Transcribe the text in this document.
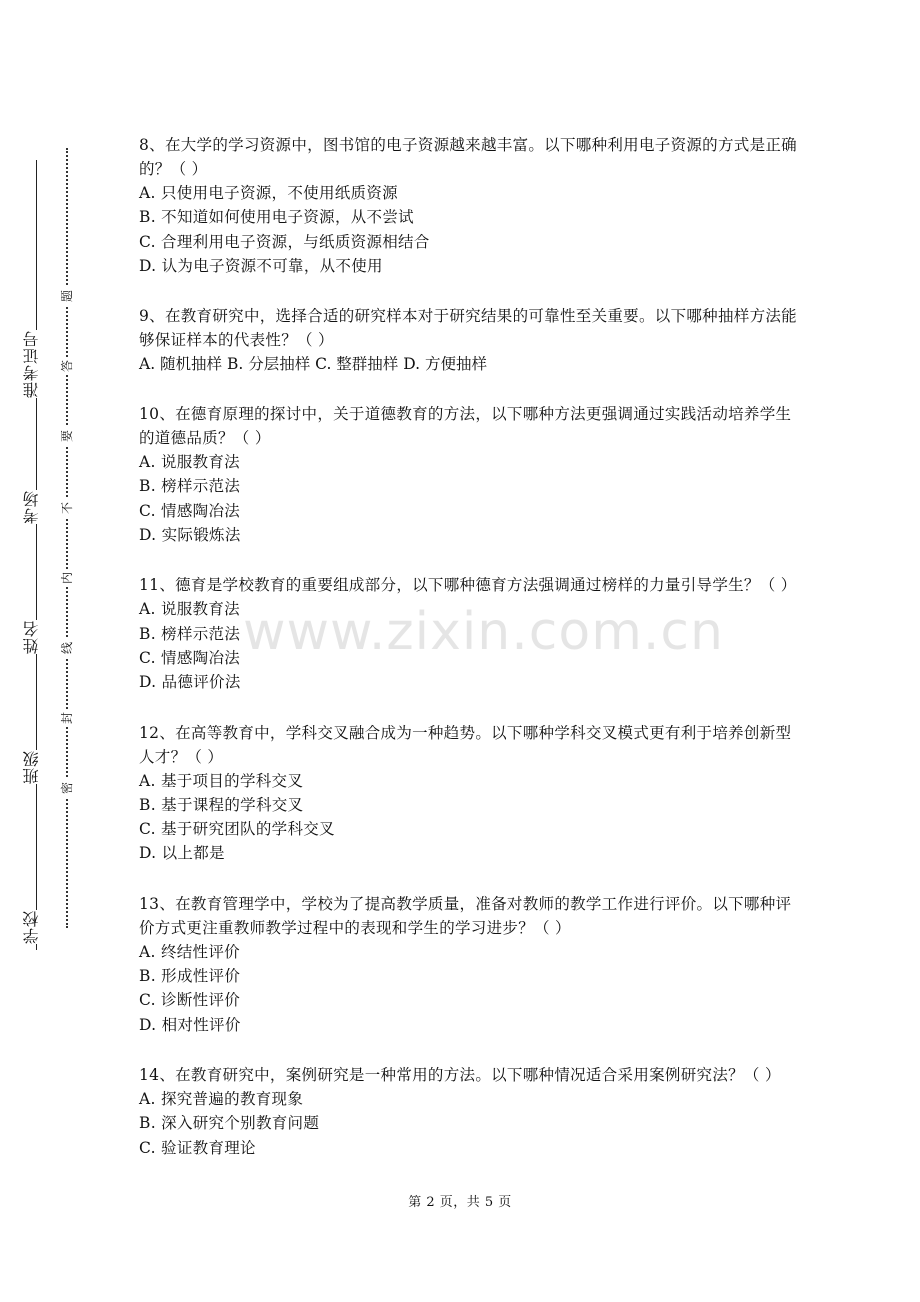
准考证号
考场
姓名
班级
学校
题
答
要
不
内
线
封
密
www.zixin.com.cn

8、在大学的学习资源中，图书馆的电子资源越来越丰富。以下哪种利用电子资源的方式是正确的？（ ）

A. 只使用电子资源，不使用纸质资源
B. 不知道如何使用电子资源，从不尝试
C. 合理利用电子资源，与纸质资源相结合
D. 认为电子资源不可靠，从不使用

9、在教育研究中，选择合适的研究样本对于研究结果的可靠性至关重要。以下哪种抽样方法能够保证样本的代表性？（ ）

A. 随机抽样 B. 分层抽样 C. 整群抽样 D. 方便抽样

10、在德育原理的探讨中，关于道德教育的方法，以下哪种方法更强调通过实践活动培养学生的道德品质？（ ）

A. 说服教育法
B. 榜样示范法
C. 情感陶冶法
D. 实际锻炼法

11、德育是学校教育的重要组成部分，以下哪种德育方法强调通过榜样的力量引导学生？（ ）

A. 说服教育法
B. 榜样示范法
C. 情感陶冶法
D. 品德评价法

12、在高等教育中，学科交叉融合成为一种趋势。以下哪种学科交叉模式更有利于培养创新型人才？（ ）

A. 基于项目的学科交叉
B. 基于课程的学科交叉
C. 基于研究团队的学科交叉
D. 以上都是

13、在教育管理学中，学校为了提高教学质量，准备对教师的教学工作进行评价。以下哪种评价方式更注重教师教学过程中的表现和学生的学习进步？（ ）

A. 终结性评价
B. 形成性评价
C. 诊断性评价
D. 相对性评价

14、在教育研究中，案例研究是一种常用的方法。以下哪种情况适合采用案例研究法？（ ）

A. 探究普遍的教育现象
B. 深入研究个别教育问题
C. 验证教育理论
第 2 页，共 5 页
